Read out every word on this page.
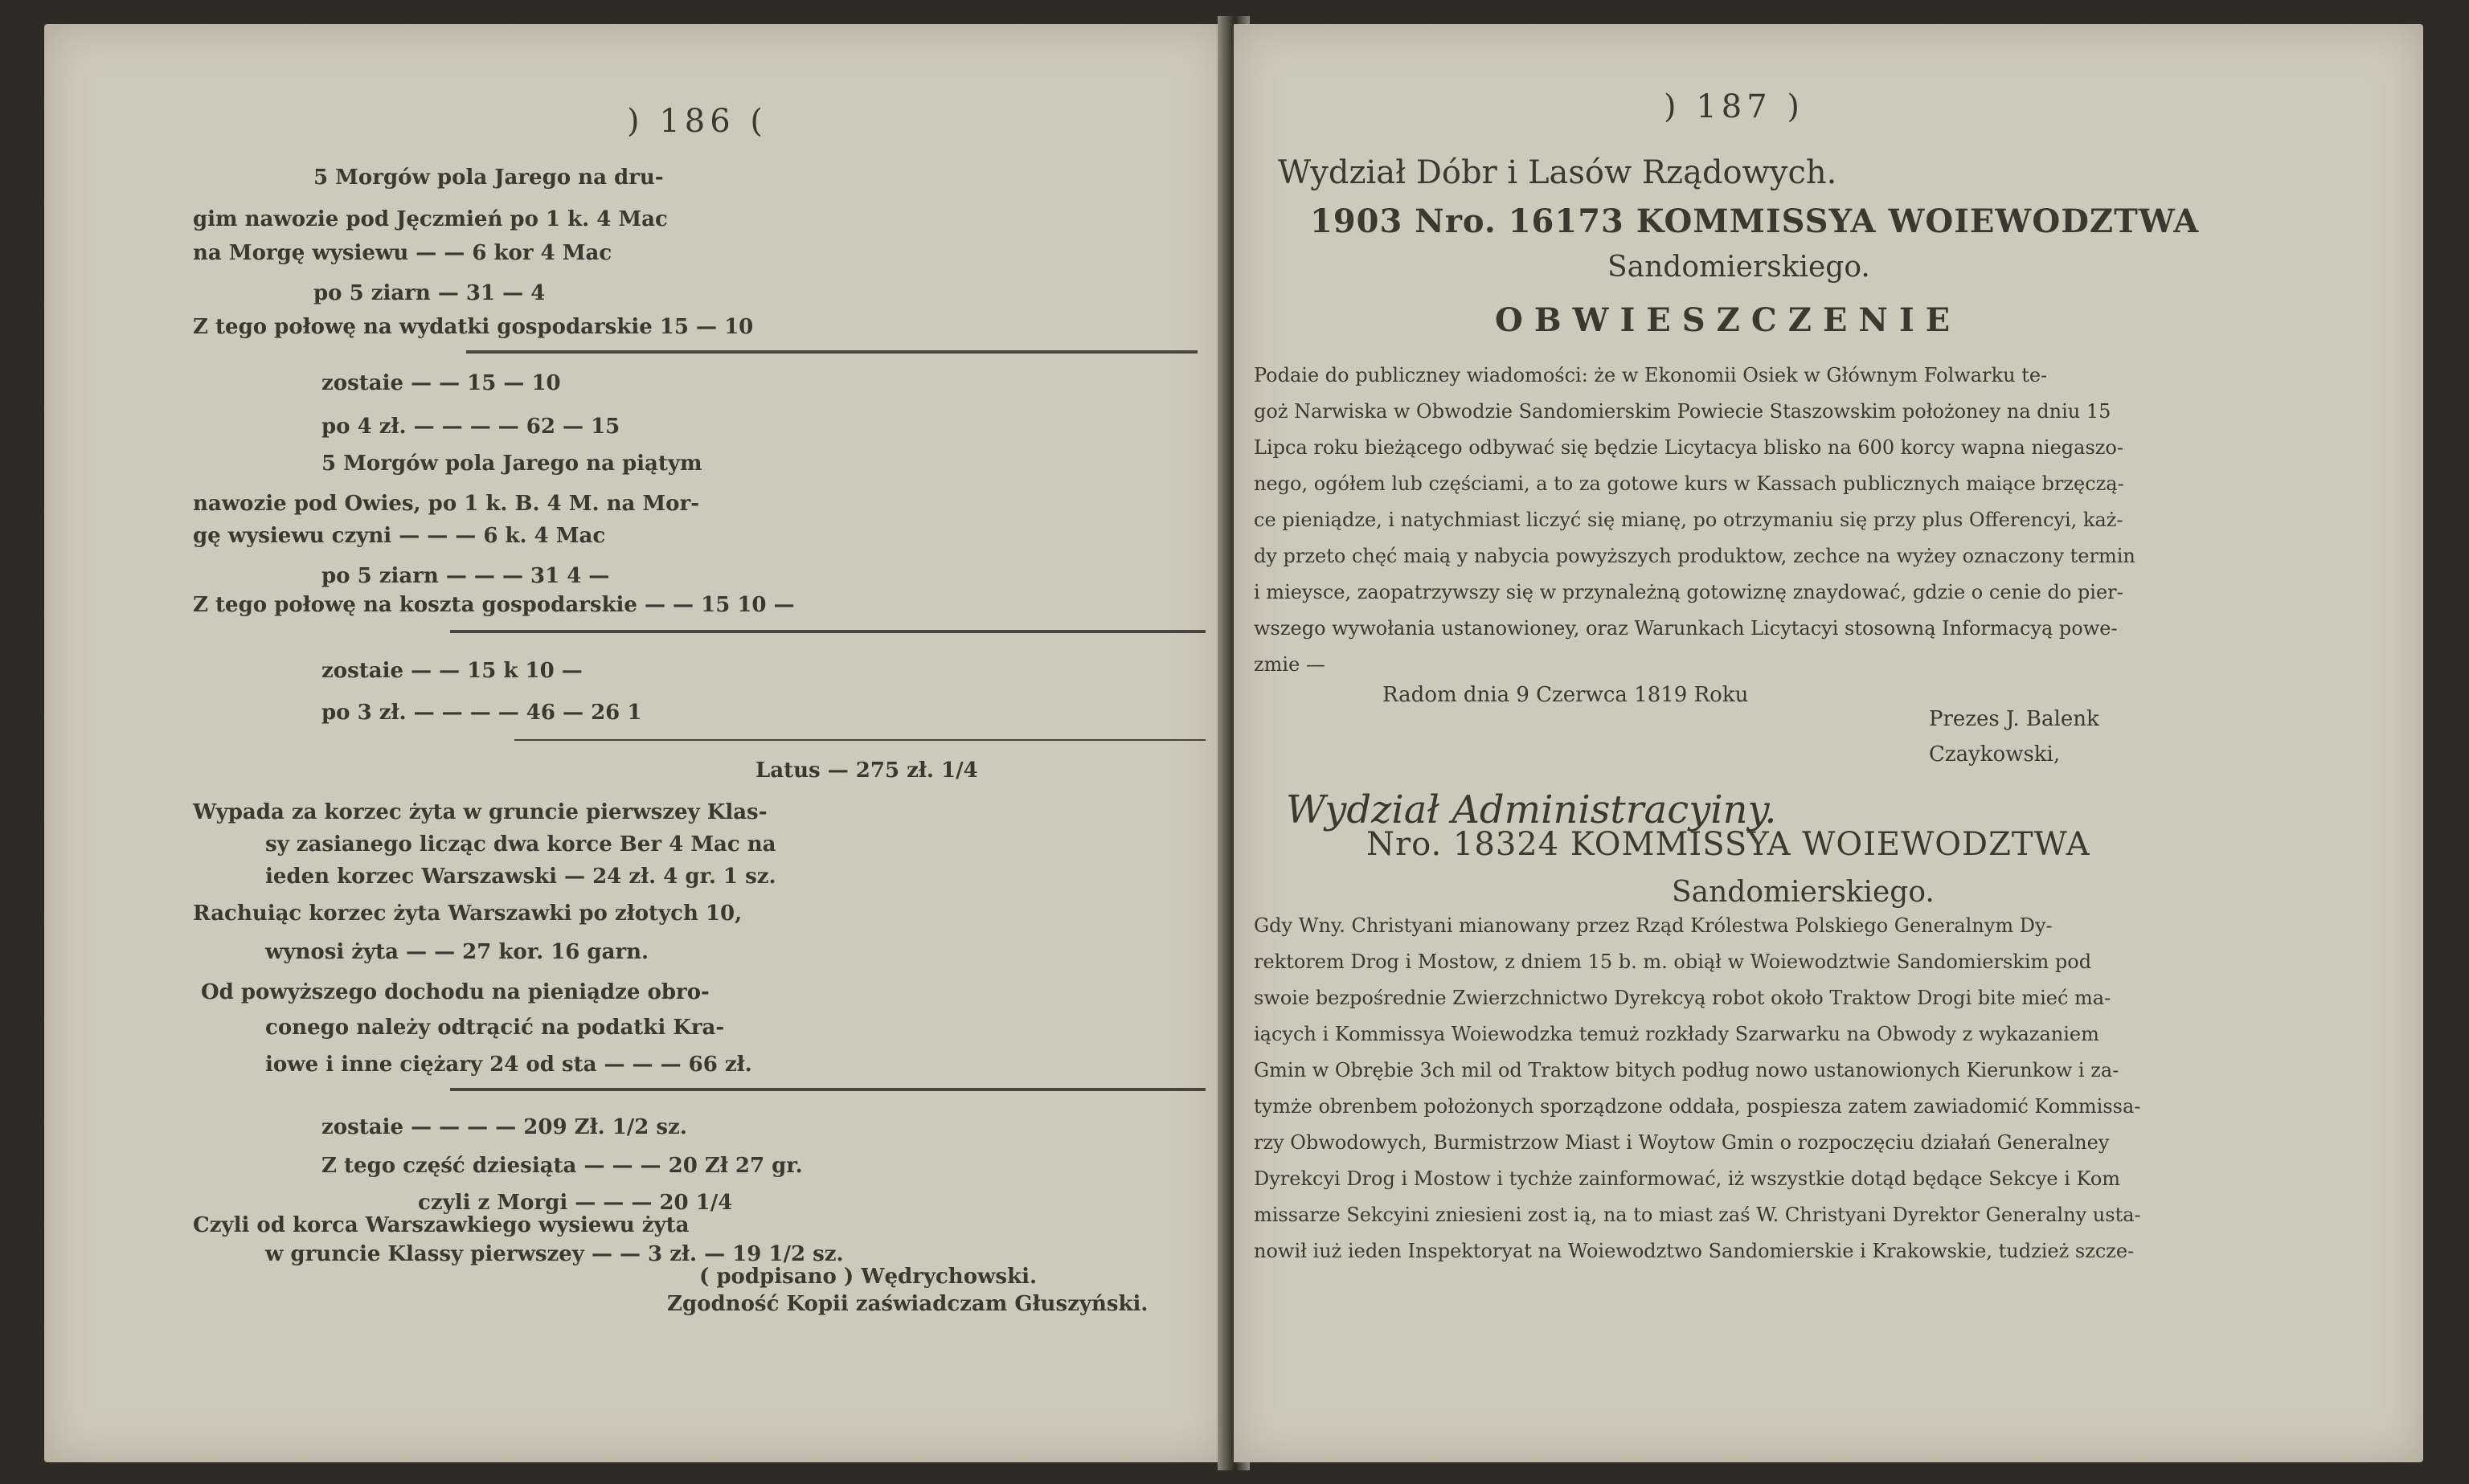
) 186 (
5 Morgów pola Jarego na dru-
gim nawozie pod Jęczmień po 1 k. 4 Mac
na Morgę wysiewu — — 6 kor 4 Mac
po 5 ziarn — 31 — 4
Z tego połowę na wydatki gospodarskie 15 — 10
zostaie — — 15 — 10
po 4 zł. — — — — 62 — 15
5 Morgów pola Jarego na piątym
nawozie pod Owies, po 1 k. B. 4 M. na Mor-
gę wysiewu czyni — — — 6 k. 4 Mac
po 5 ziarn — — — 31 4 —
Z tego połowę na koszta gospodarskie — — 15 10 —
zostaie — — 15 k 10 —
po 3 zł. — — — — 46 — 26 1
Latus — 275 zł. 1/4
Wypada za korzec żyta w gruncie pierwszey Klas-
sy zasianego licząc dwa korce Ber 4 Mac na
ieden korzec Warszawski — 24 zł. 4 gr. 1 sz.
Rachuiąc korzec żyta Warszawki po złotych 10,
wynosi żyta — — 27 kor. 16 garn.
Od powyższego dochodu na pieniądze obro-
conego należy odtrącić na podatki Kra-
iowe i inne ciężary 24 od sta — — — 66 zł.
zostaie — — — — 209 Zł. 1/2 sz.
Z tego część dziesiąta — — — 20 Zł 27 gr.
czyli z Morgi — — — 20 1/4
Czyli od korca Warszawkiego wysiewu żyta
w gruncie Klassy pierwszey — — 3 zł. — 19 1/2 sz.
( podpisano ) Wędrychowski.
Zgodność Kopii zaświadczam Głuszyński.
) 187 )
Wydział Dóbr i Lasów Rządowych.
1903 Nro. 16173 KOMMISSYA WOIEWODZTWA
Sandomierskiego.
OBWIESZCZENIE

Podaie do publiczney wiadomości: że w Ekonomii Osiek w Głównym Folwarku te-

goż Narwiska w Obwodzie Sandomierskim Powiecie Staszowskim położoney na dniu 15

Lipca roku bieżącego odbywać się będzie Licytacya blisko na 600 korcy wapna niegaszo-

nego, ogółem lub częściami, a to za gotowe kurs w Kassach publicznych maiące brzęczą-

ce pieniądze, i natychmiast liczyć się mianę, po otrzymaniu się przy plus Offerencyi, każ-

dy przeto chęć maią y nabycia powyższych produktow, zechce na wyżey oznaczony termin

i mieysce, zaopatrzywszy się w przynależną gotowiznę znaydować, gdzie o cenie do pier-

wszego wywołania ustanowioney, oraz Warunkach Licytacyi stosowną Informacyą powe-

zmie —

Radom dnia 9 Czerwca 1819 Roku
Prezes J. Balenk
Czaykowski,
Wydział Administracyiny.
Nro. 18324 KOMMISSYA WOIEWODZTWA
Sandomierskiego.

Gdy Wny. Christyani mianowany przez Rząd Królestwa Polskiego Generalnym Dy-

rektorem Drog i Mostow, z dniem 15 b. m. obiął w Woiewodztwie Sandomierskim pod

swoie bezpośrednie Zwierzchnictwo Dyrekcyą robot około Traktow Drogi bite mieć ma-

iących i Kommissya Woiewodzka temuż rozkłady Szarwarku na Obwody z wykazaniem

Gmin w Obrębie 3ch mil od Traktow bitych podług nowo ustanowionych Kierunkow i za-

tymże obrenbem położonych sporządzone oddała, pospiesza zatem zawiadomić Kommissa-

rzy Obwodowych, Burmistrzow Miast i Woytow Gmin o rozpoczęciu działań Generalney

Dyrekcyi Drog i Mostow i tychże zainformować, iż wszystkie dotąd będące Sekcye i Kom

missarze Sekcyini zniesieni zost ią, na to miast zaś W. Christyani Dyrektor Generalny usta-

nowił iuż ieden Inspektoryat na Woiewodztwo Sandomierskie i Krakowskie, tudzież szcze-
